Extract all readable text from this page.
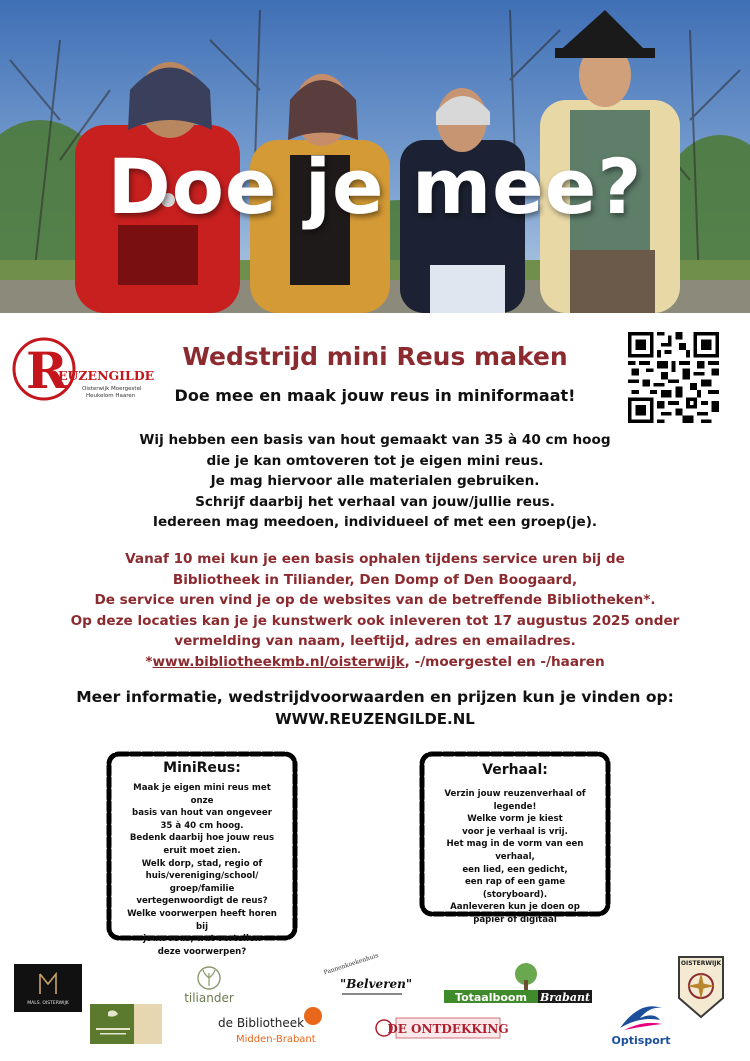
Doe je mee?
R
EUZENGILDE
Oisterwijk Moergestel
Heukelom Haaren
Wedstrijd mini Reus maken
Doe mee en maak jouw reus in miniformaat!
Wij hebben een basis van hout gemaakt van 35 à 40 cm hoog
die je kan omtoveren tot je eigen mini reus.
Je mag hiervoor alle materialen gebruiken.
Schrijf daarbij het verhaal van jouw/jullie reus.
Iedereen mag meedoen, individueel of met een groep(je).
Vanaf 10 mei kun je een basis ophalen tijdens service uren bij de
Bibliotheek in Tiliander, Den Domp of Den Boogaard,
De service uren vind je op de websites van de betreffende Bibliotheken*.
Op deze locaties kan je je kunstwerk ook inleveren tot 17 augustus 2025 onder
vermelding van naam, leeftijd, adres en emailadres.
*www.bibliotheekmb.nl/oisterwijk, -/moergestel en -/haaren
Meer informatie, wedstrijdvoorwaarden en prijzen kun je vinden op:
WWW.REUZENGILDE.NL
MiniReus:
Maak je eigen mini reus met onze
basis van hout van ongeveer
35 à 40 cm hoog.
Bedenk daarbij hoe jouw reus
eruit moet zien.
Welk dorp, stad, regio of
huis/vereniging/school/
groep/familie
vertegenwoordigt de reus?
Welke voorwerpen heeft horen bij
jouw reus, wat vertellen
deze voorwerpen?
Verhaal:
Verzin jouw reuzenverhaal of
legende!
Welke vorm je kiest
voor je verhaal is vrij.
Het mag in de vorm van een verhaal,
een lied, een gedicht,
een rap of een game (storyboard).
Aanleveren kun je doen op
papier of digitaal
MALS. OISTERWIJK	tiliander
de Bibliotheek
Midden-Brabant
Pannenkoekenhuis
"Belveren"
DE ONTDEKKING
Totaalboom Brabant
Optisport
OISTERWIJK
